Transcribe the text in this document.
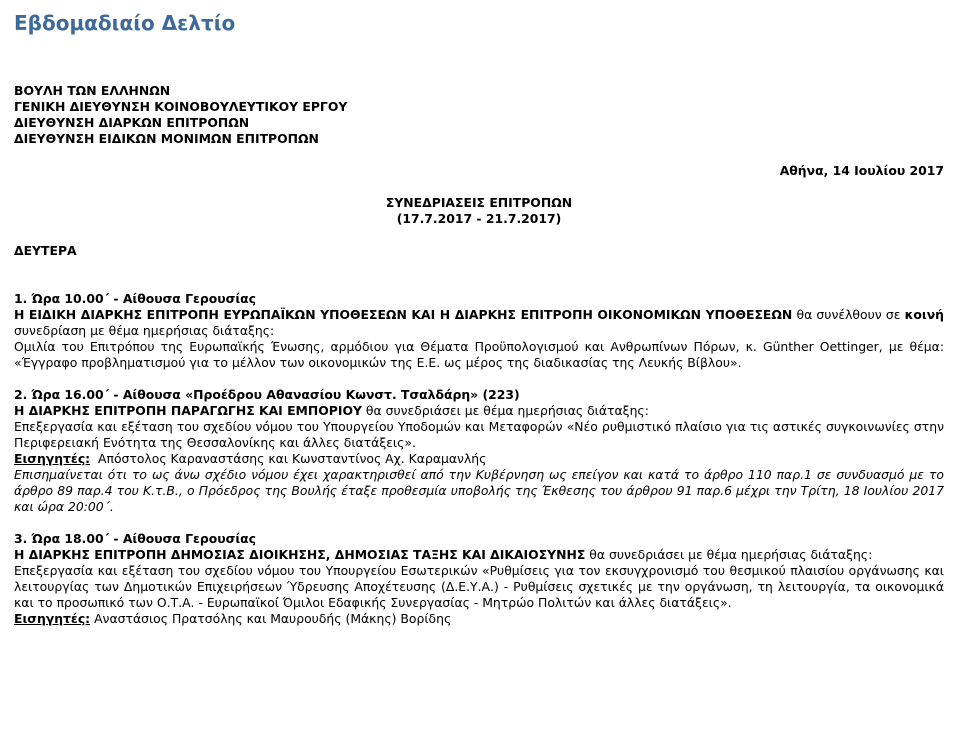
Εβδομαδιαίο Δελτίο

ΒΟΥΛΗ ΤΩΝ ΕΛΛΗΝΩΝ

ΓΕΝΙΚΗ ΔΙΕΥΘΥΝΣΗ ΚΟΙΝΟΒΟΥΛΕΥΤΙΚΟΥ ΕΡΓΟΥ

ΔΙΕΥΘΥΝΣΗ ΔΙΑΡΚΩΝ ΕΠΙΤΡΟΠΩΝ

ΔΙΕΥΘΥΝΣΗ ΕΙΔΙΚΩΝ ΜΟΝΙΜΩΝ ΕΠΙΤΡΟΠΩΝ

Αθήνα, 14 Ιουλίου 2017

ΣΥΝΕΔΡΙΑΣΕΙΣ ΕΠΙΤΡΟΠΩΝ

(17.7.2017 - 21.7.2017)

ΔΕΥΤΕΡΑ

1. Ώρα 10.00΄ - Αίθουσα Γερουσίας

Η ΕΙΔΙΚΗ ΔΙΑΡΚΗΣ ΕΠΙΤΡΟΠΗ ΕΥΡΩΠΑΪΚΩΝ ΥΠΟΘΕΣΕΩΝ ΚΑΙ Η ΔΙΑΡΚΗΣ ΕΠΙΤΡΟΠΗ ΟΙΚΟΝΟΜΙΚΩΝ ΥΠΟΘΕΣΕΩΝ θα συνέλθουν σε κοινή συνεδρίαση με θέμα ημερήσιας διάταξης:

Ομιλία του Επιτρόπου της Ευρωπαϊκής Ένωσης, αρμόδιου για Θέματα Προϋπολογισμού και Ανθρωπίνων Πόρων, κ. Günther Oettinger, με θέμα: «Έγγραφο προβληματισμού για το μέλλον των οικονομικών της Ε.Ε. ως μέρος της διαδικασίας της Λευκής Βίβλου».

2. Ώρα 16.00΄ - Αίθουσα «Προέδρου Αθανασίου Κωνστ. Τσαλδάρη» (223)

Η ΔΙΑΡΚΗΣ ΕΠΙΤΡΟΠΗ ΠΑΡΑΓΩΓΗΣ ΚΑΙ ΕΜΠΟΡΙΟΥ θα συνεδριάσει με θέμα ημερήσιας διάταξης:

Επεξεργασία και εξέταση του σχεδίου νόμου του Υπουργείου Υποδομών και Μεταφορών «Νέο ρυθμιστικό πλαίσιο για τις αστικές συγκοινωνίες στην Περιφερειακή Ενότητα της Θεσσαλονίκης και άλλες διατάξεις».

Εισηγητές:  Απόστολος Καραναστάσης και Κωνσταντίνος Αχ. Καραμανλής

Επισημαίνεται ότι το ως άνω σχέδιο νόμου έχει χαρακτηρισθεί από την Κυβέρνηση ως επείγον και κατά το άρθρο 110 παρ.1 σε συνδυασμό με το άρθρο 89 παρ.4 του Κ.τ.Β., ο Πρόεδρος της Βουλής έταξε προθεσμία υποβολής της Έκθεσης του άρθρου 91 παρ.6 μέχρι την Τρίτη, 18 Ιουλίου 2017 και ώρα 20:00΄.

3. Ώρα 18.00΄ - Αίθουσα Γερουσίας

Η ΔΙΑΡΚΗΣ ΕΠΙΤΡΟΠΗ ΔΗΜΟΣΙΑΣ ΔΙΟΙΚΗΣΗΣ, ΔΗΜΟΣΙΑΣ ΤΑΞΗΣ ΚΑΙ ΔΙΚΑΙΟΣΥΝΗΣ θα συνεδριάσει με θέμα ημερήσιας διάταξης:

Επεξεργασία και εξέταση του σχεδίου νόμου του Υπουργείου Εσωτερικών «Ρυθμίσεις για τον εκσυγχρονισμό του θεσμικού πλαισίου οργάνωσης και λειτουργίας των Δημοτικών Επιχειρήσεων Ύδρευσης Αποχέτευσης (Δ.Ε.Υ.Α.) - Ρυθμίσεις σχετικές με την οργάνωση, τη λειτουργία, τα οικονομικά και το προσωπικό των Ο.Τ.Α. - Ευρωπαϊκοί Όμιλοι Εδαφικής Συνεργασίας - Μητρώο Πολιτών και άλλες διατάξεις».

Εισηγητές: Αναστάσιος Πρατσόλης και Μαυρουδής (Μάκης) Βορίδης
